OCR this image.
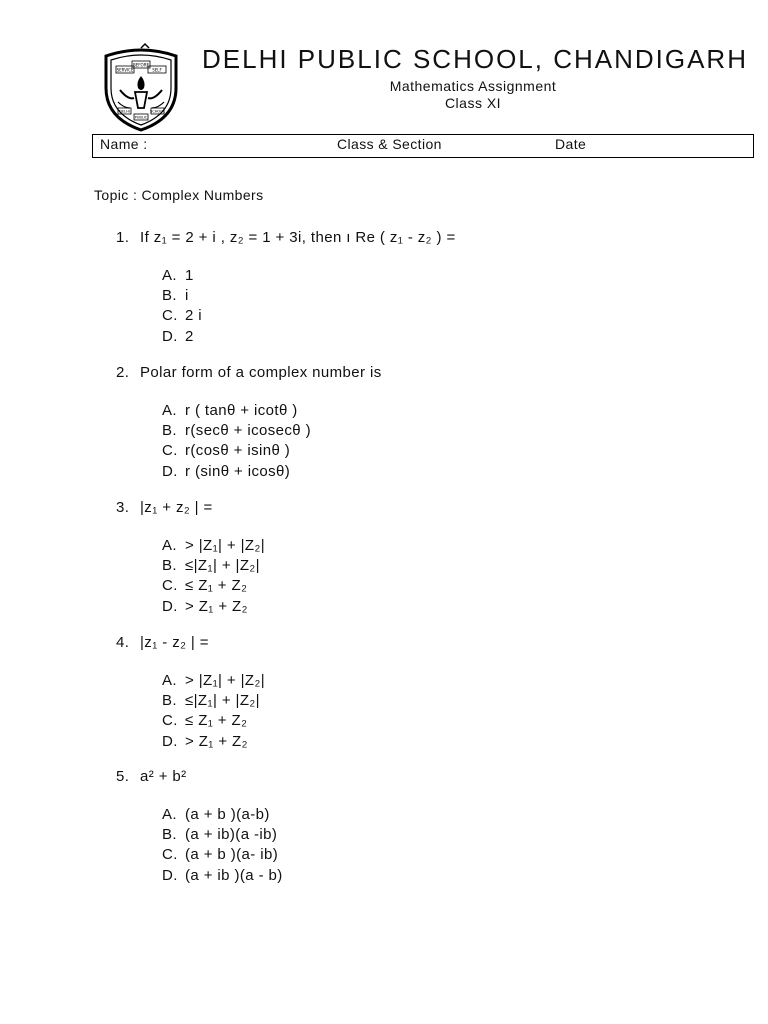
SERVICE
BEFORE
SELF
DELHI
PUBLIC
SCHOOL
DELHI PUBLIC SCHOOL, CHANDIGARH
Mathematics Assignment
Class XI
Name :	Class & Section	Date
Topic : Complex Numbers
1. If z₁ = 2 + i , z₂ = 1 + 3i, then ı Re ( z₁ - z₂ ) =
A. 1
B. i
C. 2 i
D. 2
2. Polar form of a complex number is
A. r ( tanθ + icotθ )
B. r(secθ + icosecθ )
C. r(cosθ + isinθ )
D. r (sinθ + icosθ)
3. |z₁ + z₂ | =
A. > |Z₁| + |Z₂|
B. ≤|Z₁| + |Z₂|
C. ≤ Z₁ + Z₂
D. > Z₁ + Z₂
4. |z₁ - z₂ | =
A. > |Z₁| + |Z₂|
B. ≤|Z₁| + |Z₂|
C. ≤ Z₁ + Z₂
D. > Z₁ + Z₂
5. a² + b²
A. (a + b )(a-b)
B. (a + ib)(a -ib)
C. (a + b )(a- ib)
D. (a + ib )(a - b)
